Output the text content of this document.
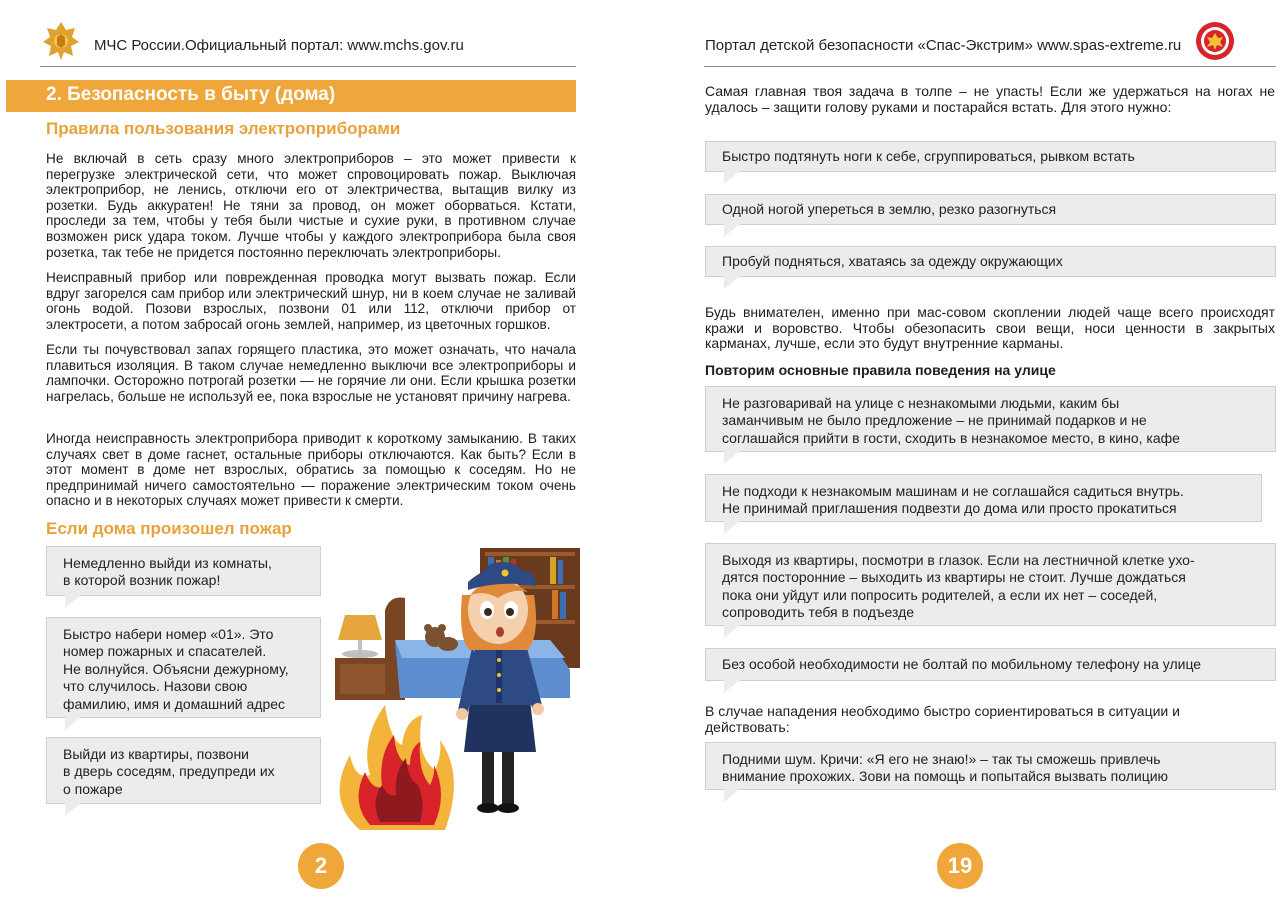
МЧС России.Официальный портал: www.mchs.gov.ru
2. Безопасность в быту (дома)
Правила пользования электроприборами
Не включай в сеть сразу много электроприборов – это может привести к перегрузке электрической сети, что может спровоцировать пожар. Выключая электроприбор, не ленись, отключи его от электричества, вытащив вилку из розетки. Будь аккуратен! Не тяни за провод, он может оборваться. Кстати, проследи за тем, чтобы у тебя были чистые и сухие руки, в противном случае возможен риск удара током. Лучше чтобы у каждого электроприбора была своя розетка, так тебе не придется постоянно переключать электроприборы.
Неисправный прибор или поврежденная проводка могут вызвать пожар. Если вдруг загорелся сам прибор или электрический шнур, ни в коем случае не заливай огонь водой. Позови взрослых, позвони 01 или 112, отключи прибор от электросети, а потом забросай огонь землей, например, из цветочных горшков.
Если ты почувствовал запах горящего пластика, это может означать, что начала плавиться изоляция. В таком случае немедленно выключи все электроприборы и лампочки. Осторожно потрогай розетки — не горячие ли они. Если крышка розетки нагрелась, больше не используй ее, пока взрослые не установят причину нагрева.
Иногда неисправность электроприбора приводит к короткому замыканию. В таких случаях свет в доме гаснет, остальные приборы отключаются. Как быть? Если в этот момент в доме нет взрослых, обратись за помощью к соседям. Но не предпринимай ничего самостоятельно — поражение электрическим током очень опасно и в некоторых случаях может привести к смерти.
Если дома произошел пожар
Немедленно выйди из комнаты,
в которой возник пожар!
Быстро набери номер «01». Это
номер пожарных и спасателей.
Не волнуйся. Объясни дежурному,
что случилось. Назови свою
фамилию, имя и домашний адрес
Выйди из квартиры, позвони
в дверь соседям, предупреди их
о пожаре
2
Портал детской безопасности «Спас-Экстрим» www.spas-extreme.ru
Самая главная твоя задача в толпе – не упасть! Если же удержаться на ногах не удалось – защити голову руками и постарайся встать. Для этого нужно:
Быстро подтянуть ноги к себе, сгруппироваться, рывком встать
Одной ногой упереться в землю, резко разогнуться
Пробуй подняться, хватаясь за одежду окружающих
Будь внимателен, именно при мас-совом скоплении людей чаще всего происходят кражи и воровство. Чтобы обезопасить свои вещи, носи ценности в закрытых карманах, лучше, если это будут внутренние карманы.
Повторим основные правила поведения на улице
Не разговаривай на улице с незнакомыми людьми, каким бы
заманчивым не было предложение – не принимай подарков и не
соглашайся прийти в гости, сходить в незнакомое место, в кино, кафе
Не подходи к незнакомым машинам и не соглашайся садиться внутрь.
Не принимай приглашения подвезти до дома или просто прокатиться
Выходя из квартиры, посмотри в глазок. Если на лестничной клетке ухо-
дятся посторонние – выходить из квартиры не стоит. Лучше дождаться
пока они уйдут или попросить родителей, а если их нет – соседей,
сопроводить тебя в подъезде
Без особой необходимости не болтай по мобильному телефону на улице
В случае нападения необходимо быстро сориентироваться в ситуации и действовать:
Подними шум. Кричи: «Я его не знаю!» – так ты сможешь привлечь
внимание прохожих. Зови на помощь и попытайся вызвать полицию
19
